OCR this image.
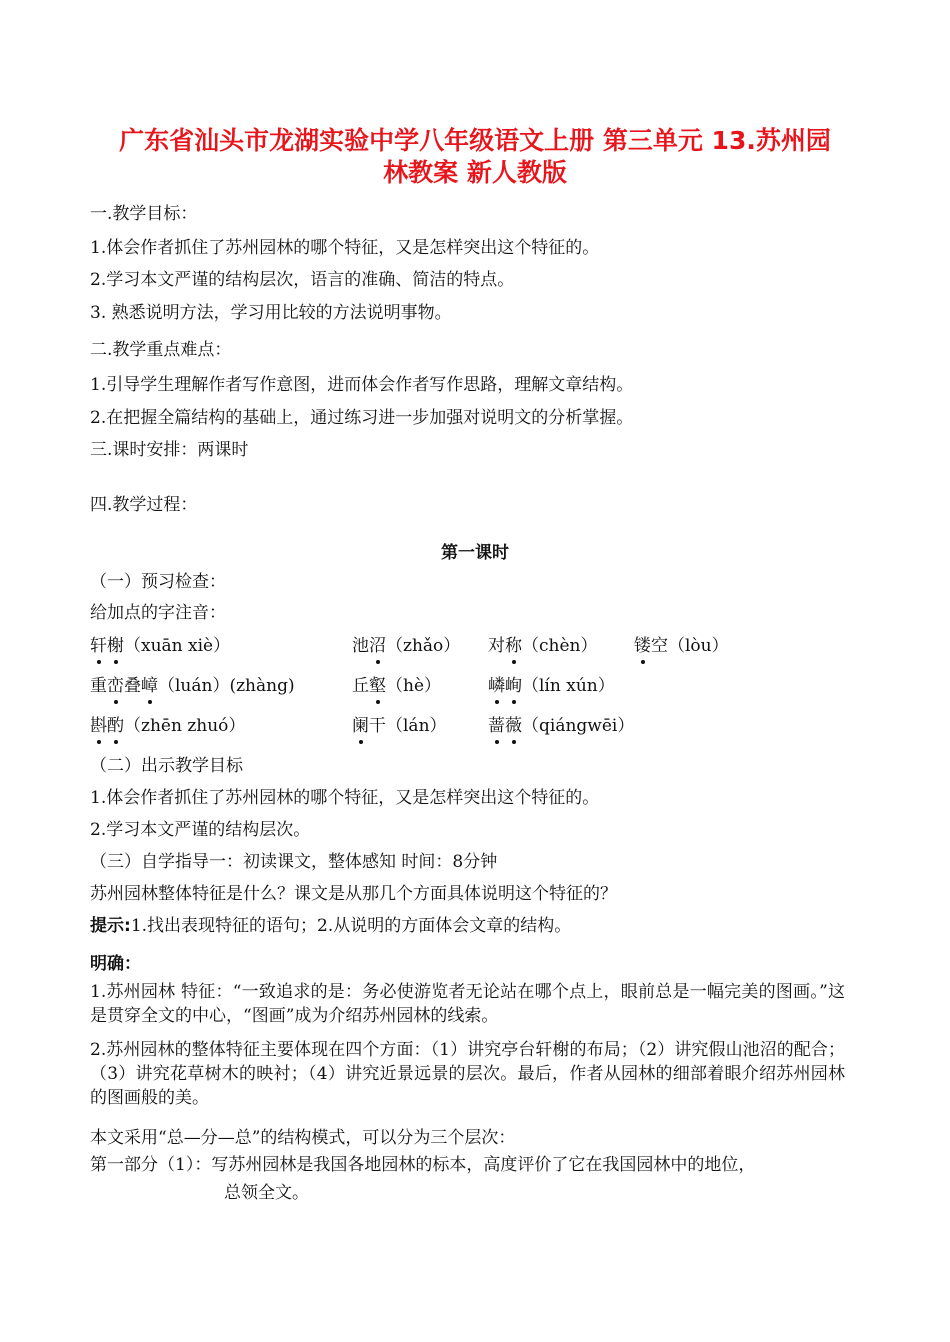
广东省汕头市龙湖实验中学八年级语文上册 第三单元 13.苏州园
林教案 新人教版
一.教学目标：
1.体会作者抓住了苏州园林的哪个特征，又是怎样突出这个特征的。
2.学习本文严谨的结构层次，语言的准确、简洁的特点。
3. 熟悉说明方法，学习用比较的方法说明事物。
二.教学重点难点：
1.引导学生理解作者写作意图，进而体会作者写作思路，理解文章结构。
2.在把握全篇结构的基础上，通过练习进一步加强对说明文的分析掌握。
三.课时安排：两课时
四.教学过程：
第一课时
（一）预习检查：
给加点的字注音：
轩榭（xuān xiè）	池沼（zhǎo） 对称（chèn） 镂空（lòu）
重峦叠嶂（luán）(zhàng)	丘壑（hè）	嶙峋（lín xún）
斟酌（zhēn zhuó）	阑干（lán） 蔷薇（qiángwēi）
（二）出示教学目标
1.体会作者抓住了苏州园林的哪个特征，又是怎样突出这个特征的。
2.学习本文严谨的结构层次。
（三）自学指导一：初读课文，整体感知 时间：8分钟
苏州园林整体特征是什么？课文是从那几个方面具体说明这个特征的？
提示:1.找出表现特征的语句；2.从说明的方面体会文章的结构。
明确：
1.苏州园林 特征：“一致追求的是：务必使游览者无论站在哪个点上，眼前总是一幅完美的图画。”这是贯穿全文的中心，“图画”成为介绍苏州园林的线索。
2.苏州园林的整体特征主要体现在四个方面：（1）讲究亭台轩榭的布局；（2）讲究假山池沼的配合；（3）讲究花草树木的映衬；（4）讲究近景远景的层次。最后，作者从园林的细部着眼介绍苏州园林的图画般的美。
本文采用“总—分—总”的结构模式，可以分为三个层次：
第一部分（1）：写苏州园林是我国各地园林的标本，高度评价了它在我国园林中的地位，
总领全文。
